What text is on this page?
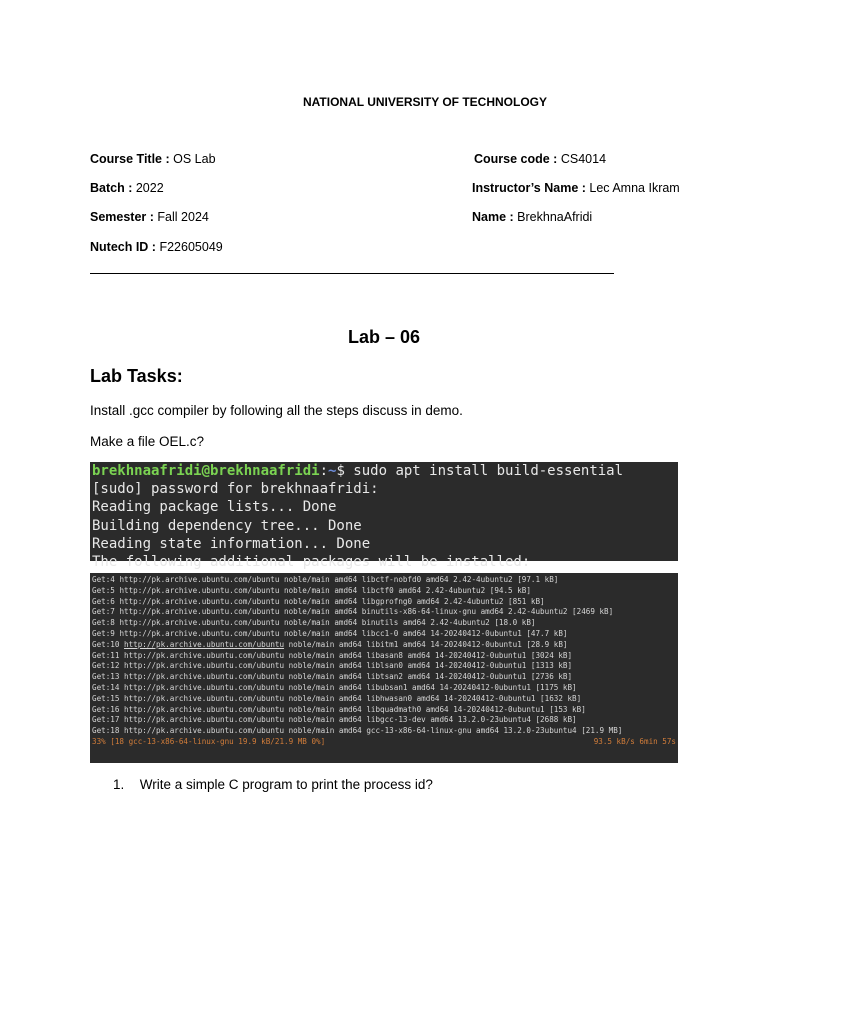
NATIONAL UNIVERSITY OF TECHNOLOGY
Course Title : OS Lab	Course code : CS4014
Batch : 2022	Instructor’s Name : Lec Amna Ikram
Semester : Fall 2024	Name : BrekhnaAfridi
Nutech ID : F22605049
Lab – 06
Lab Tasks:
Install .gcc compiler by following all the steps discuss in demo.
Make a file OEL.c?
brekhnaafridi@brekhnaafridi:~$ sudo apt install build-essential
[sudo] password for brekhnaafridi:
Reading package lists... Done
Building dependency tree... Done
Reading state information... Done
The following additional packages will be installed:
Get:4 http://pk.archive.ubuntu.com/ubuntu noble/main amd64 libctf-nobfd0 amd64 2.42-4ubuntu2 [97.1 kB]
Get:5 http://pk.archive.ubuntu.com/ubuntu noble/main amd64 libctf0 amd64 2.42-4ubuntu2 [94.5 kB]
Get:6 http://pk.archive.ubuntu.com/ubuntu noble/main amd64 libgprofng0 amd64 2.42-4ubuntu2 [851 kB]
Get:7 http://pk.archive.ubuntu.com/ubuntu noble/main amd64 binutils-x86-64-linux-gnu amd64 2.42-4ubuntu2 [2469 kB]
Get:8 http://pk.archive.ubuntu.com/ubuntu noble/main amd64 binutils amd64 2.42-4ubuntu2 [18.0 kB]
Get:9 http://pk.archive.ubuntu.com/ubuntu noble/main amd64 libcc1-0 amd64 14-20240412-0ubuntu1 [47.7 kB]
Get:10 http://pk.archive.ubuntu.com/ubuntu noble/main amd64 libitm1 amd64 14-20240412-0ubuntu1 [28.9 kB]
Get:11 http://pk.archive.ubuntu.com/ubuntu noble/main amd64 libasan8 amd64 14-20240412-0ubuntu1 [3024 kB]
Get:12 http://pk.archive.ubuntu.com/ubuntu noble/main amd64 liblsan0 amd64 14-20240412-0ubuntu1 [1313 kB]
Get:13 http://pk.archive.ubuntu.com/ubuntu noble/main amd64 libtsan2 amd64 14-20240412-0ubuntu1 [2736 kB]
Get:14 http://pk.archive.ubuntu.com/ubuntu noble/main amd64 libubsan1 amd64 14-20240412-0ubuntu1 [1175 kB]
Get:15 http://pk.archive.ubuntu.com/ubuntu noble/main amd64 libhwasan0 amd64 14-20240412-0ubuntu1 [1632 kB]
Get:16 http://pk.archive.ubuntu.com/ubuntu noble/main amd64 libquadmath0 amd64 14-20240412-0ubuntu1 [153 kB]
Get:17 http://pk.archive.ubuntu.com/ubuntu noble/main amd64 libgcc-13-dev amd64 13.2.0-23ubuntu4 [2688 kB]
Get:18 http://pk.archive.ubuntu.com/ubuntu noble/main amd64 gcc-13-x86-64-linux-gnu amd64 13.2.0-23ubuntu4 [21.9 MB]
33% [18 gcc-13-x86-64-linux-gnu 19.9 kB/21.9 MB 0%]	93.5 kB/s 6min 57s
1. Write a simple C program to print the process id?
